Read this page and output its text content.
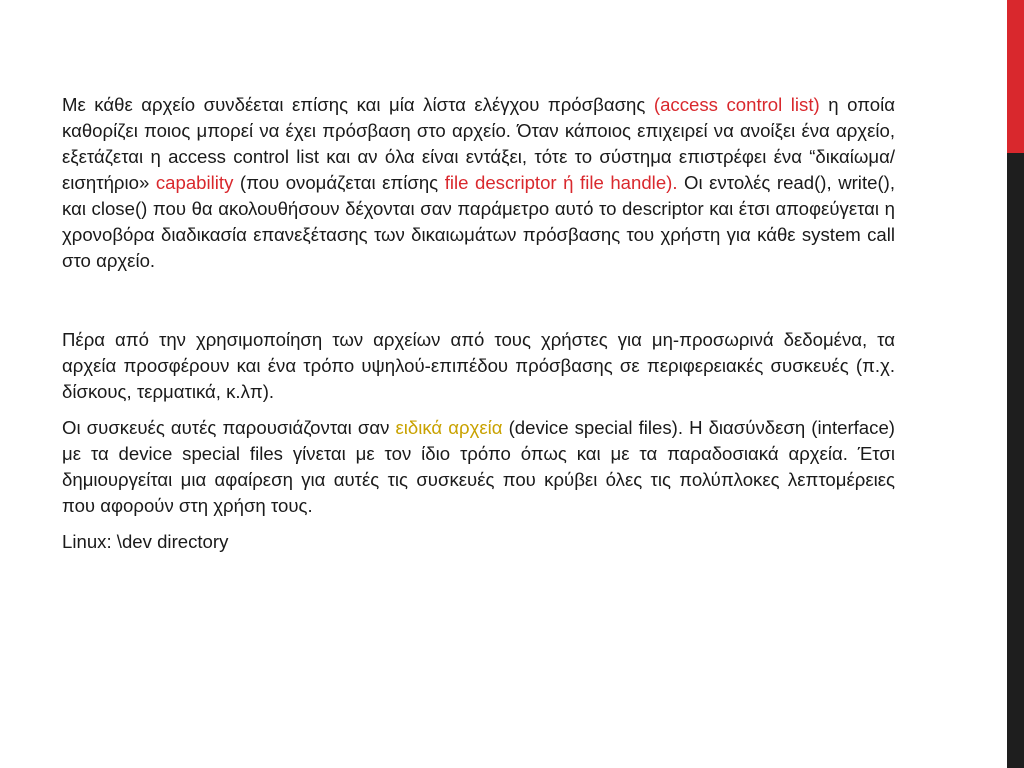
Με κάθε αρχείο συνδέεται επίσης και μία λίστα ελέγχου πρόσβασης (access control list) η οποία καθορίζει ποιος μπορεί να έχει πρόσβαση στο αρχείο. Όταν κάποιος επιχειρεί να ανοίξει ένα αρχείο, εξετάζεται η access control list και αν όλα είναι εντάξει, τότε το σύστημα επιστρέφει ένα “δικαίωμα/ εισητήριο» capability (που ονομάζεται επίσης file descriptor ή file handle). Οι εντολές read(), write(), και close() που θα ακολουθήσουν δέχονται σαν παράμετρο αυτό το descriptor και έτσι αποφεύγεται η χρονοβόρα διαδικασία επανεξέτασης των δικαιωμάτων πρόσβασης του χρήστη για κάθε system call στο αρχείο.

Πέρα από την χρησιμοποίηση των αρχείων από τους χρήστες για μη-προσωρινά δεδομένα, τα αρχεία προσφέρουν και ένα τρόπο υψηλού-επιπέδου πρόσβασης σε περιφερειακές συσκευές (π.χ. δίσκους, τερματικά, κ.λπ).

Οι συσκευές αυτές παρουσιάζονται σαν ειδικά αρχεία (device special files). Η διασύνδεση (interface) με τα device special files γίνεται με τον ίδιο τρόπο όπως και με τα παραδοσιακά αρχεία. Έτσι δημιουργείται μια αφαίρεση για αυτές τις συσκευές που κρύβει όλες τις πολύπλοκες λεπτομέρειες που αφορούν στη χρήση τους.

Linux: \dev directory
